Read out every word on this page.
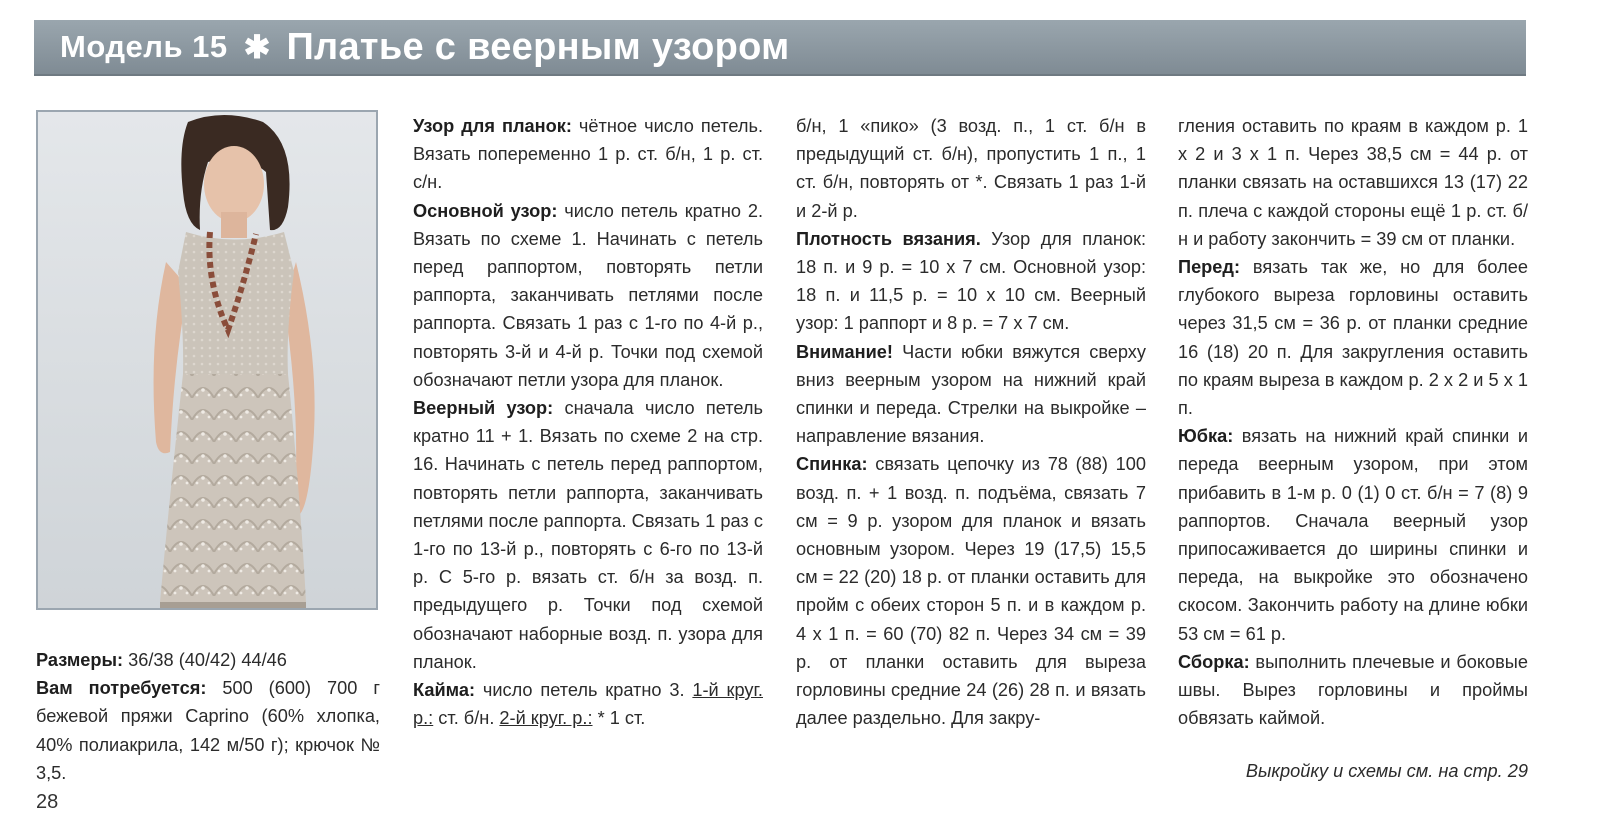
Модель 15 ✱ Платье с веерным узором

Размеры: 36/38 (40/42) 44/46

Вам потребуется: 500 (600) 700 г бежевой пряжи Caprino (60% хлопка, 40% полиакрила, 142 м/50 г); крючок № 3,5.

Узор для планок: чётное число петель. Вязать попеременно 1 р. ст. б/н, 1 р. ст. с/н.

Основной узор: число петель кратно 2. Вязать по схеме 1. Начинать с петель перед раппортом, повторять петли раппорта, заканчивать петлями после раппорта. Связать 1 раз с 1-го по 4-й р., повторять 3-й и 4-й р. Точки под схемой обозначают петли узора для планок.

Веерный узор: сначала число петель кратно 11 + 1. Вязать по схеме 2 на стр. 16. Начинать с петель перед раппортом, повторять петли раппорта, заканчивать петлями после раппорта. Связать 1 раз с 1-го по 13-й р., повторять с 6-го по 13-й р. С 5-го р. вязать ст. б/н за возд. п. предыдущего р. Точки под схемой обозначают наборные возд. п. узора для планок.

Кайма: число петель кратно 3. 1-й круг. р.: ст. б/н. 2-й круг. р.: * 1 ст.

б/н, 1 «пико» (3 возд. п., 1 ст. б/н в предыдущий ст. б/н), пропустить 1 п., 1 ст. б/н, повторять от *. Связать 1 раз 1-й и 2-й р.

Плотность вязания. Узор для планок: 18 п. и 9 р. = 10 х 7 см. Основной узор: 18 п. и 11,5 р. = 10 х 10 см. Веерный узор: 1 раппорт и 8 р. = 7 х 7 см.

Внимание! Части юбки вяжутся сверху вниз веерным узором на нижний край спинки и переда. Стрелки на выкройке – направление вязания.

Спинка: связать цепочку из 78 (88) 100 возд. п. + 1 возд. п. подъёма, связать 7 см = 9 р. узором для планок и вязать основным узором. Через 19 (17,5) 15,5 см = 22 (20) 18 р. от планки оставить для пройм с обеих сторон 5 п. и в каждом р. 4 х 1 п. = 60 (70) 82 п. Через 34 см = 39 р. от планки оставить для выреза горловины средние 24 (26) 28 п. и вязать далее раздельно. Для закру-

гления оставить по краям в каждом р. 1 х 2 и 3 х 1 п. Через 38,5 см = 44 р. от планки связать на оставшихся 13 (17) 22 п. плеча с каждой стороны ещё 1 р. ст. б/н и работу закончить = 39 см от планки.

Перед: вязать так же, но для более глубокого выреза горловины оставить через 31,5 см = 36 р. от планки средние 16 (18) 20 п. Для закругления оставить по краям выреза в каждом р. 2 х 2 и 5 х 1 п.

Юбка: вязать на нижний край спинки и переда веерным узором, при этом прибавить в 1-м р. 0 (1) 0 ст. б/н = 7 (8) 9 раппортов. Сначала веерный узор припосаживается до ширины спинки и переда, на выкройке это обозначено скосом. Закончить работу на длине юбки 53 см = 61 р.

Сборка: выполнить плечевые и боковые швы. Вырез горловины и проймы обвязать каймой.

Выкройку и схемы см. на стр. 29
28
